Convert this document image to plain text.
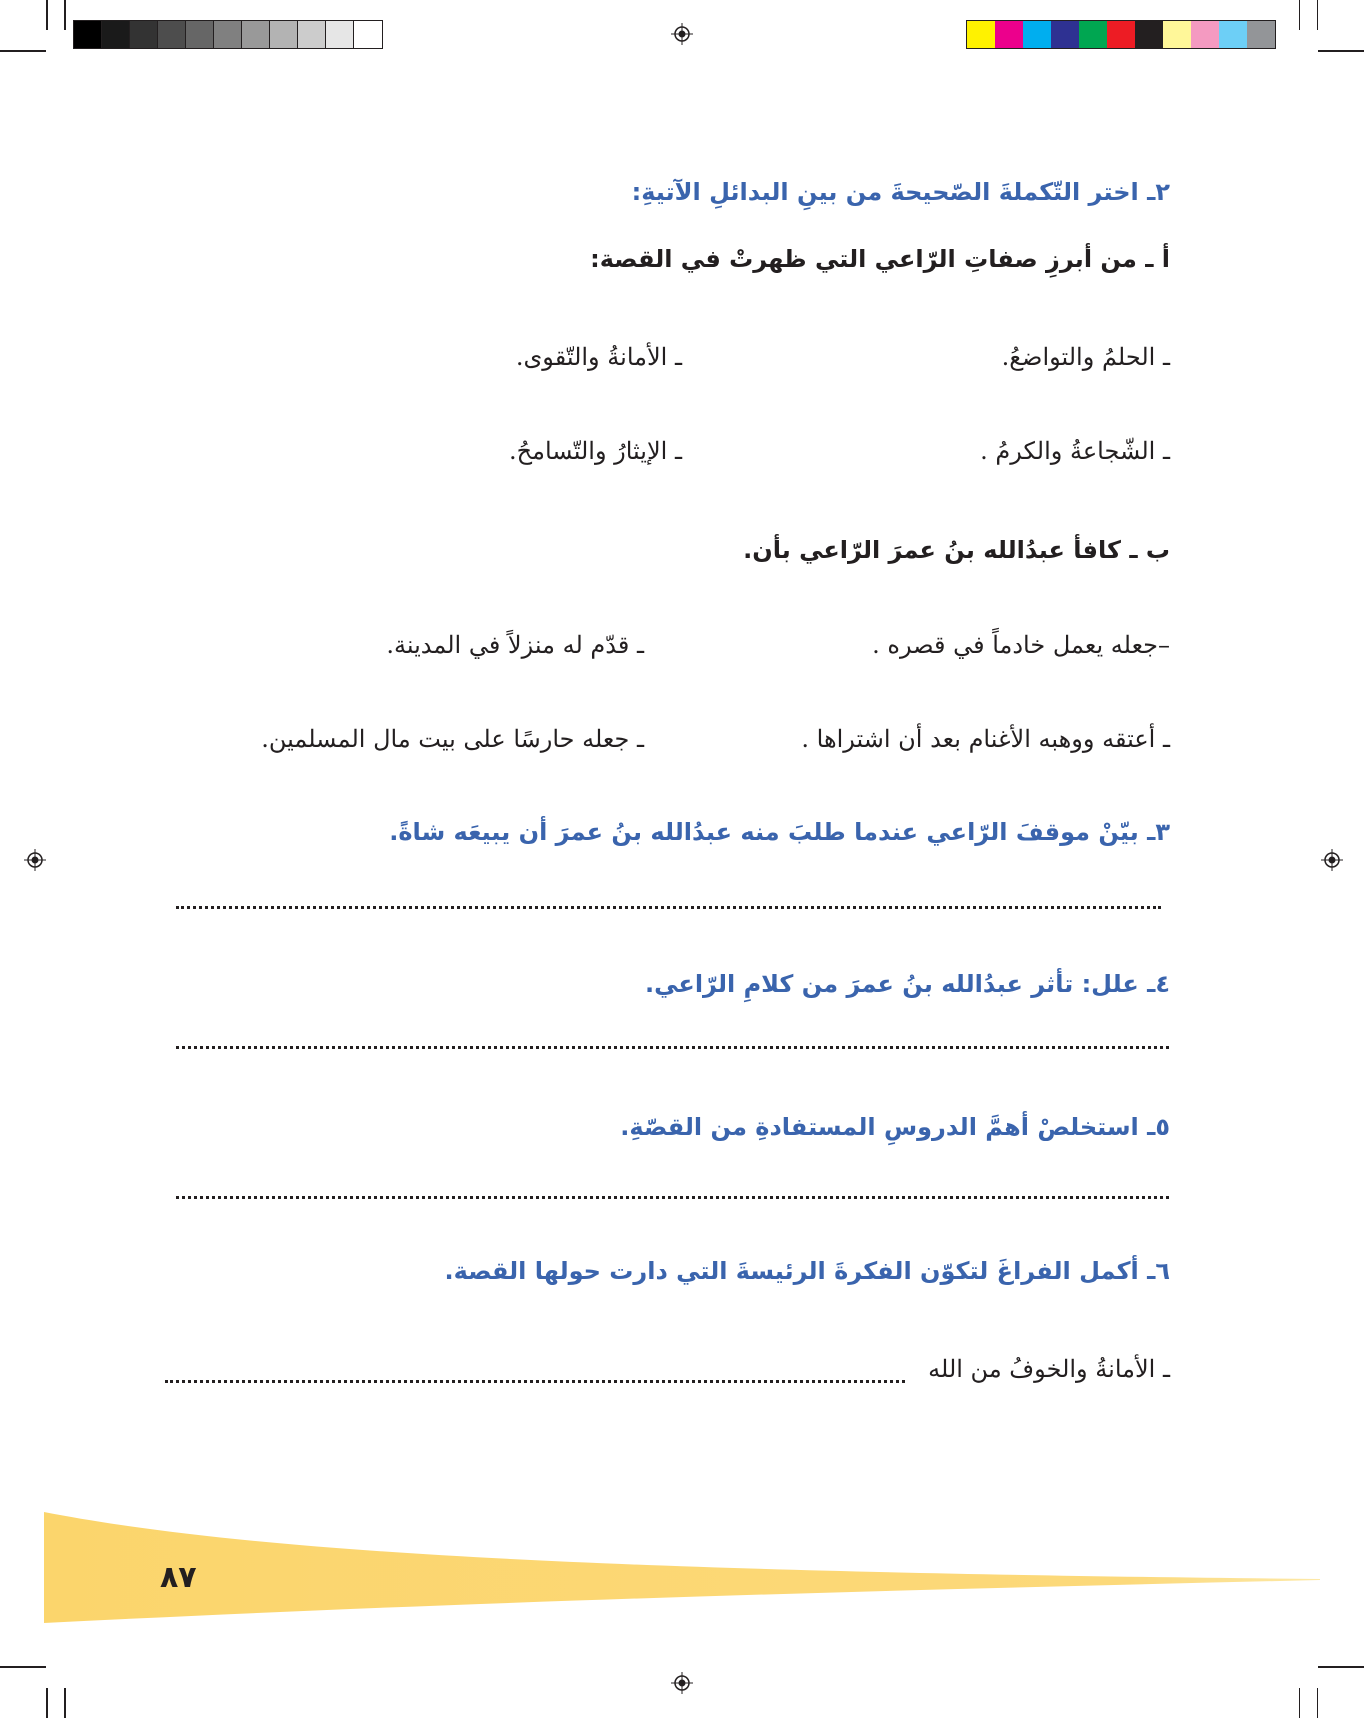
٢ـ اختر التّكملةَ الصّحيحةَ من بينِ البدائلِ الآتيةِ:
أ ـ من أبرزِ صفاتِ الرّاعي التي ظهرتْ في القصة:
ـ الحلمُ والتواضعُ.
ـ الأمانةُ والتّقوى.
ـ الشّجاعةُ والكرمُ .
ـ الإيثارُ والتّسامحُ.
ب ـ كافأ عبدُالله بنُ عمرَ الرّاعي بأن.
–جعله يعمل خادماً في قصره .
ـ قدّم له منزلاً في المدينة.
ـ أعتقه ووهبه الأغنام بعد أن اشتراها .
ـ جعله حارسًا على بيت مال المسلمين.
٣ـ بيّنْ موقفَ الرّاعي عندما طلبَ منه عبدُالله بنُ عمرَ أن يبيعَه شاةً.
٤ـ علل: تأثر عبدُالله بنُ عمرَ من كلامِ الرّاعي.
٥ـ استخلصْ أهمَّ الدروسِ المستفادةِ من القصّةِ.
٦ـ أكمل الفراغَ لتكوّن الفكرةَ الرئيسةَ التي دارت حولها القصة.
ـ الأمانةُ والخوفُ من الله
٨٧
